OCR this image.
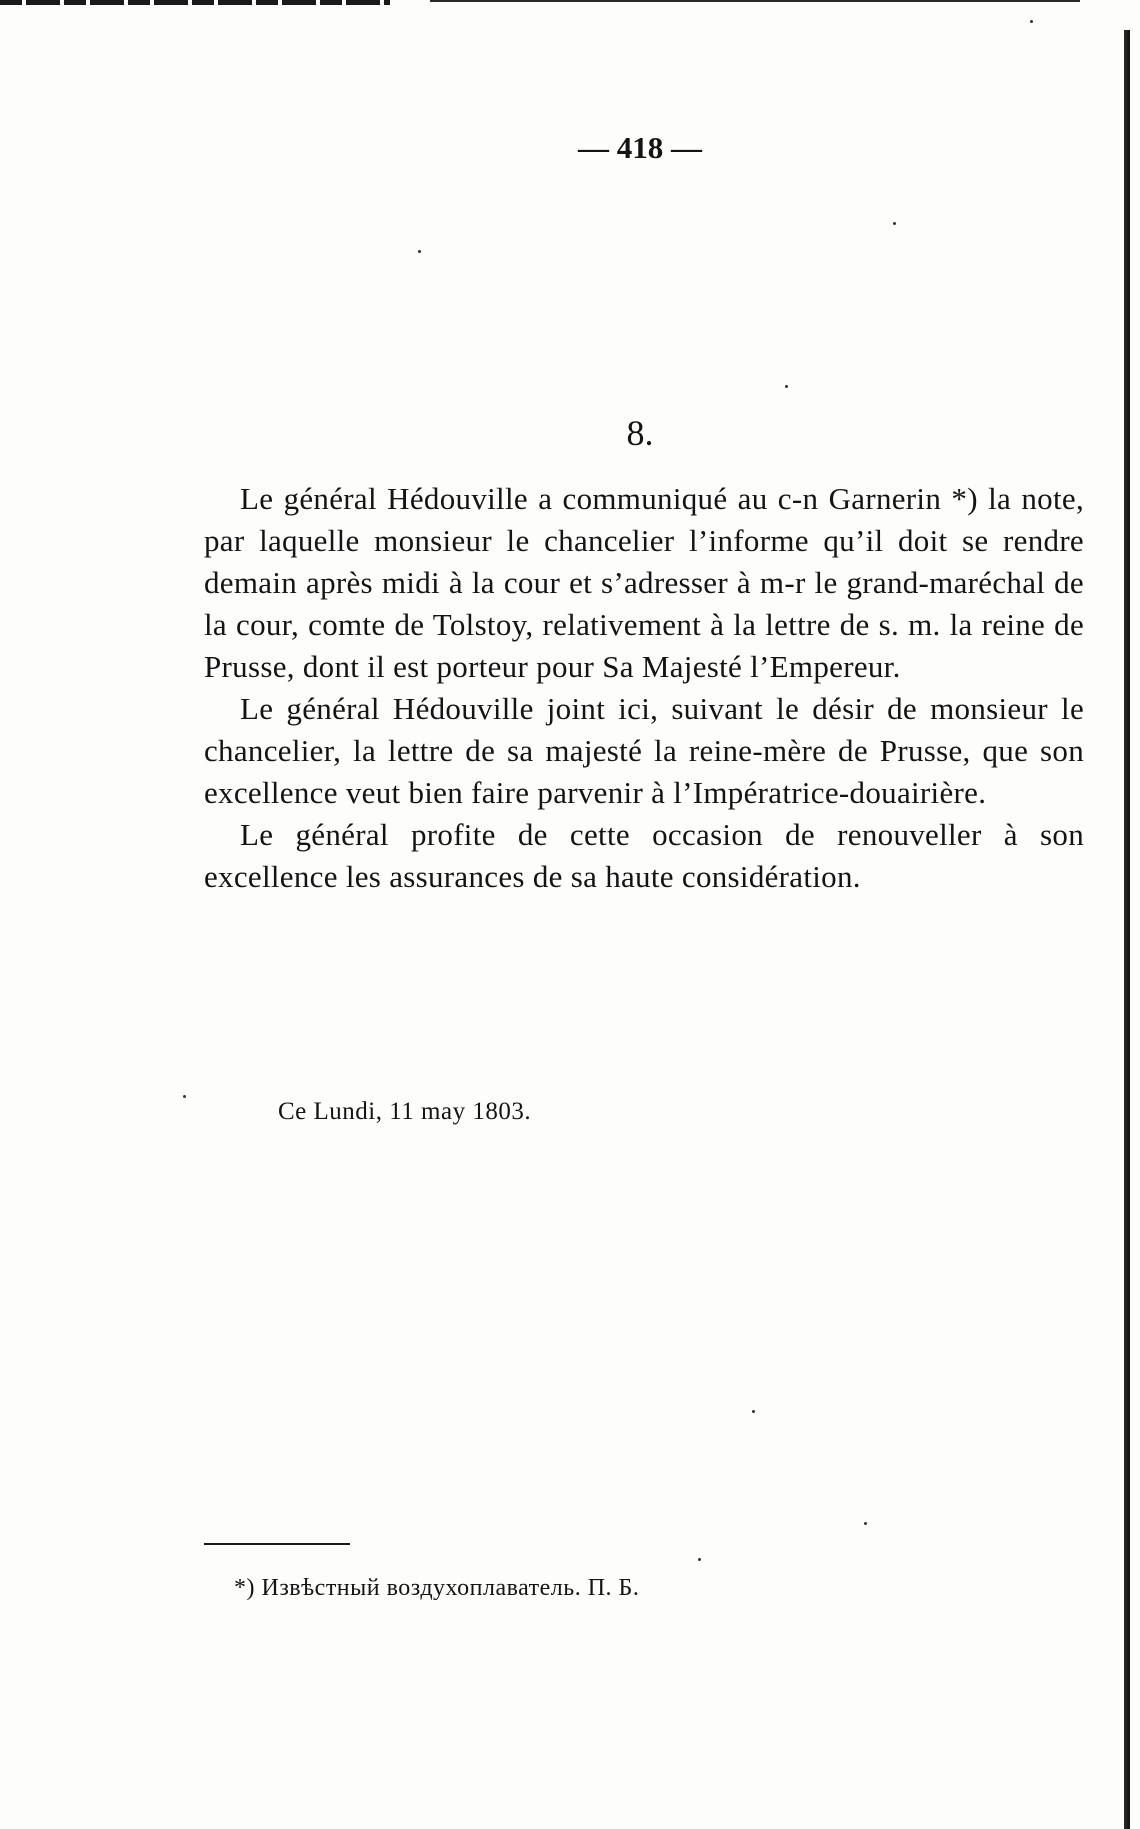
— 418 —
8.

Le général Hédouville a communiqué au c-n Garnerin *) la note, par laquelle monsieur le chancelier l’informe qu’il doit se rendre demain après midi à la cour et s’adresser à m-r le grand-maréchal de la cour, comte de Tolstoy, relativement à la lettre de s. m. la reine de Prusse, dont il est porteur pour Sa Majesté l’Empereur.

Le général Hédouville joint ici, suivant le désir de monsieur le chancelier, la lettre de sa majesté la reine-mère de Prusse, que son excellence veut bien faire parvenir à l’Impératrice-douairière.

Le général profite de cette occasion de renouveller à son excellence les assurances de sa haute considération.

Ce Lundi, 11 may 1803.
*) Извѣстный воздухоплаватель. П. Б.
